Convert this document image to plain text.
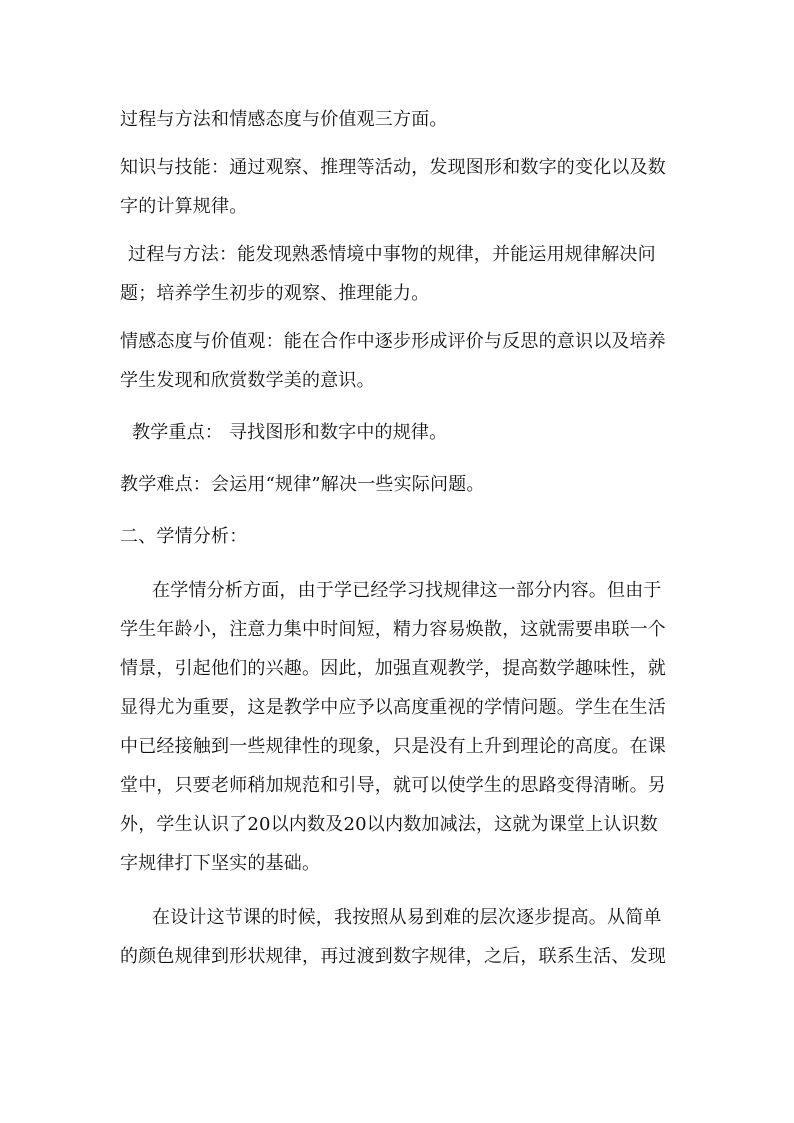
过程与方法和情感态度与价值观三方面。
知识与技能：通过观察、推理等活动，发现图形和数字的变化以及数
字的计算规律。
过程与方法：能发现熟悉情境中事物的规律，并能运用规律解决问
题；培养学生初步的观察、推理能力。
情感态度与价值观：能在合作中逐步形成评价与反思的意识以及培养
学生发现和欣赏数学美的意识。
教学重点： 寻找图形和数字中的规律。
教学难点：会运用“规律”解决一些实际问题。
二、学情分析：
在学情分析方面，由于学已经学习找规律这一部分内容。但由于
学生年龄小，注意力集中时间短，精力容易焕散，这就需要串联一个
情景，引起他们的兴趣。因此，加强直观教学，提高数学趣味性，就
显得尤为重要，这是教学中应予以高度重视的学情问题。学生在生活
中已经接触到一些规律性的现象，只是没有上升到理论的高度。在课
堂中，只要老师稍加规范和引导，就可以使学生的思路变得清晰。另
外，学生认识了20以内数及20以内数加减法，这就为课堂上认识数
字规律打下坚实的基础。
在设计这节课的时候，我按照从易到难的层次逐步提高。从简单
的颜色规律到形状规律，再过渡到数字规律，之后，联系生活、发现
